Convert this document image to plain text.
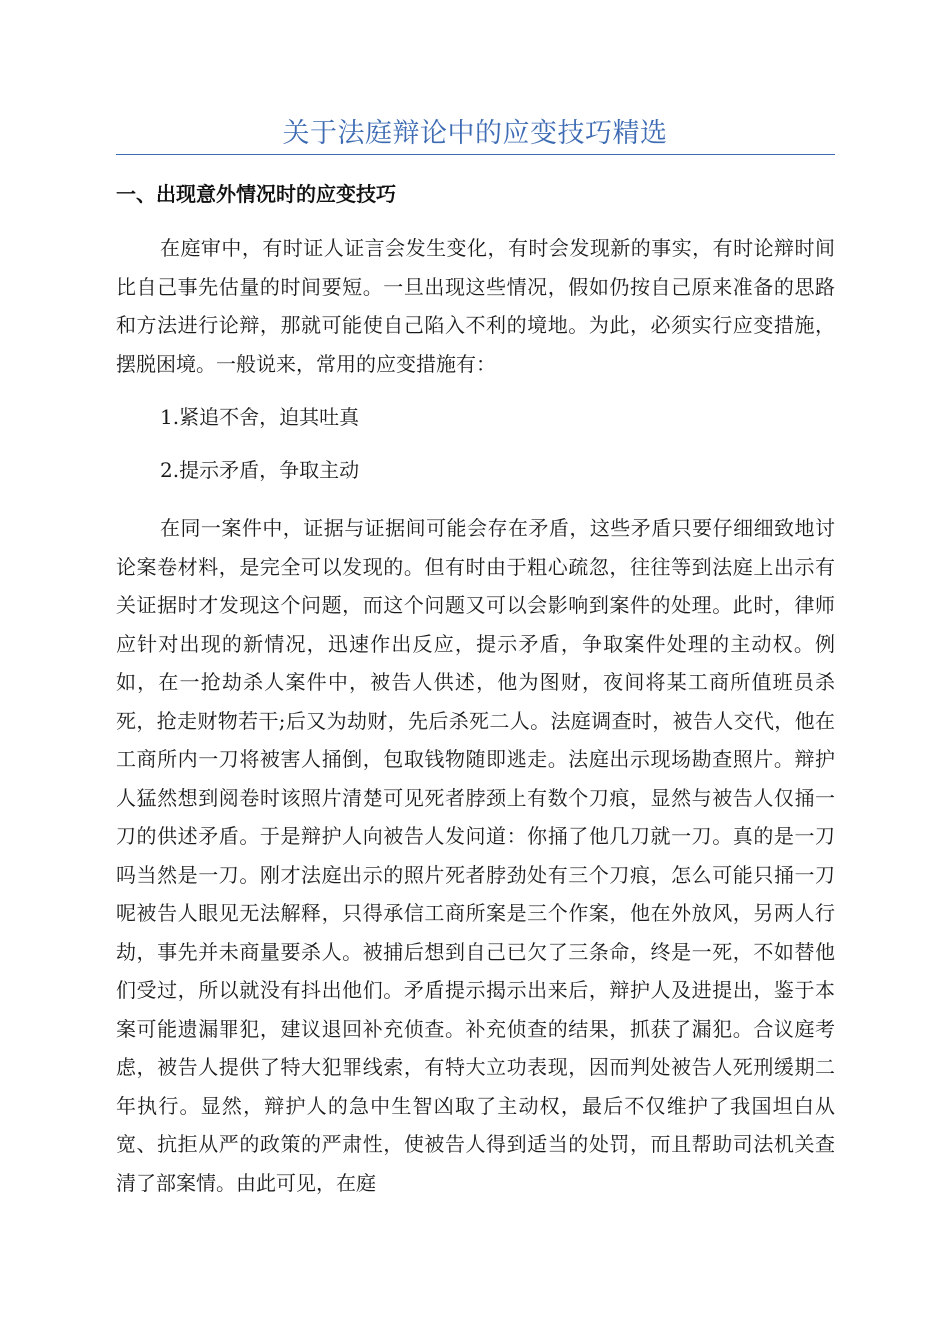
关于法庭辩论中的应变技巧精选
一、出现意外情况时的应变技巧

在庭审中，有时证人证言会发生变化，有时会发现新的事实，有时论辩时间比自己事先估量的时间要短。一旦出现这些情况，假如仍按自己原来准备的思路和方法进行论辩，那就可能使自己陷入不利的境地。为此，必须实行应变措施，摆脱困境。一般说来，常用的应变措施有：

1.紧追不舍，迫其吐真

2.提示矛盾，争取主动

在同一案件中，证据与证据间可能会存在矛盾，这些矛盾只要仔细细致地讨论案卷材料，是完全可以发现的。但有时由于粗心疏忽，往往等到法庭上出示有关证据时才发现这个问题，而这个问题又可以会影响到案件的处理。此时，律师应针对出现的新情况，迅速作出反应，提示矛盾，争取案件处理的主动权。例如，在一抢劫杀人案件中，被告人供述，他为图财，夜间将某工商所值班员杀死，抢走财物若干;后又为劫财，先后杀死二人。法庭调查时，被告人交代，他在工商所内一刀将被害人捅倒，包取钱物随即逃走。法庭出示现场勘查照片。辩护人猛然想到阅卷时该照片清楚可见死者脖颈上有数个刀痕，显然与被告人仅捅一刀的供述矛盾。于是辩护人向被告人发问道：你捅了他几刀就一刀。真的是一刀吗当然是一刀。刚才法庭出示的照片死者脖劲处有三个刀痕，怎么可能只捅一刀呢被告人眼见无法解释，只得承信工商所案是三个作案，他在外放风，另两人行劫，事先并未商量要杀人。被捕后想到自己已欠了三条命，终是一死，不如替他们受过，所以就没有抖出他们。矛盾提示揭示出来后，辩护人及进提出，鉴于本案可能遗漏罪犯，建议退回补充侦查。补充侦查的结果，抓获了漏犯。合议庭考虑，被告人提供了特大犯罪线索，有特大立功表现，因而判处被告人死刑缓期二年执行。显然，辩护人的急中生智凶取了主动权，最后不仅维护了我国坦白从宽、抗拒从严的政策的严肃性，使被告人得到适当的处罚，而且帮助司法机关查清了部案情。由此可见，在庭
